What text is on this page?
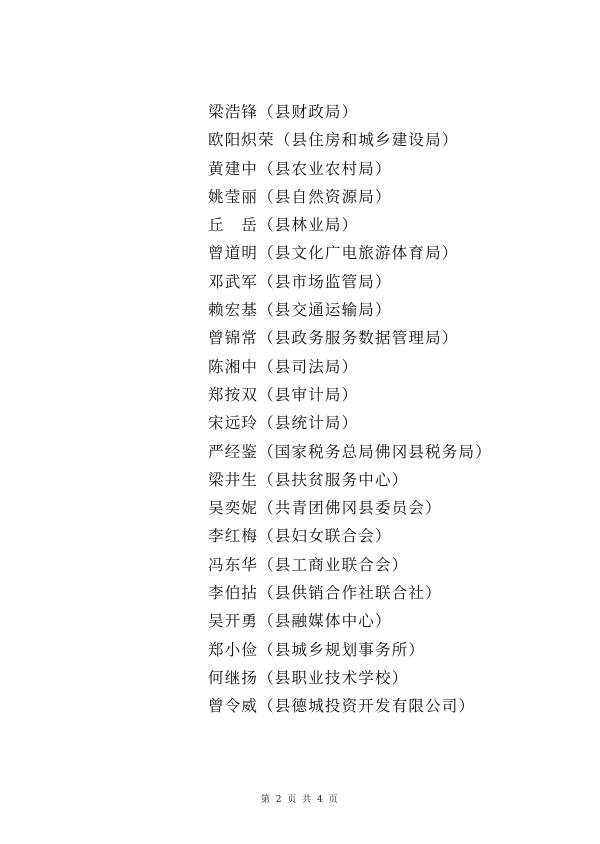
梁浩锋（县财政局）
欧阳炽荣（县住房和城乡建设局）
黄建中（县农业农村局）
姚莹丽（县自然资源局）
丘　岳（县林业局）
曾道明（县文化广电旅游体育局）
邓武军（县市场监管局）
赖宏基（县交通运输局）
曾锦常（县政务服务数据管理局）
陈湘中（县司法局）
郑按双（县审计局）
宋远玲（县统计局）
严经鉴（国家税务总局佛冈县税务局）
梁井生（县扶贫服务中心）
吴奕妮（共青团佛冈县委员会）
李红梅（县妇女联合会）
冯东华（县工商业联合会）
李伯拈（县供销合作社联合社）
吴开勇（县融媒体中心）
郑小俭（县城乡规划事务所）
何继扬（县职业技术学校）
曾令威（县德城投资开发有限公司）
第 2 页 共 4 页
